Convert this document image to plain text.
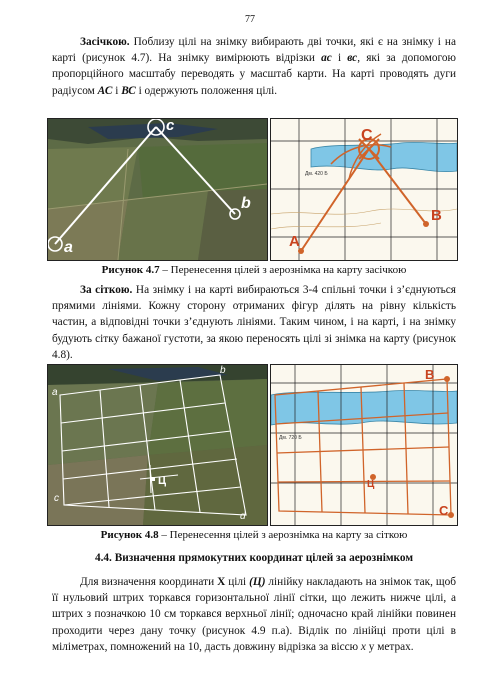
77

Засічкою. Поблизу цілі на знімку вибирають дві точки, які є на знімку і на карті (рисунок 4.7). На знімку вимірюють відрізки ас і вс, які за допомогою пропорційного масштабу переводять у масштаб карти. На карті проводять дуги радіусом АС і ВС і одержують положення цілі.

c
a
b
C
A
B
Дм. 420 Б

Рисунок 4.7 – Перенесення цілей з аерознімка на карту засічкою

За сіткою. На знімку і на карті вибираються 3-4 спільні точки і з’єднуються прямими лініями. Кожну сторону отриманих фігур ділять на рівну кількість частин, а відповідні точки з’єднують лініями. Таким чином, і на карті, і на знімку будують сітку бажаної густоти, за якою переносять цілі зі знімка на карту (рисунок 4.8).

a
b
c
d
Ц
B
C
Ц
Дм. 720 Б

Рисунок 4.8 – Перенесення цілей з аерознімка на карту за сіткою

4.4. Визначення прямокутних координат цілей за аерознімком

Для визначення координати Х цілі (Ц) лінійку накладають на знімок так, щоб її нульовий штрих торкався горизонтальної лінії сітки, що лежить нижче цілі, а штрих з позначкою 10 см торкався верхньої лінії; одночасно край лінійки повинен проходити через дану точку (рисунок 4.9 п.а). Відлік по лінійці проти цілі в міліметрах, помножений на 10, дасть довжину відрізка за віссю х у метрах.
